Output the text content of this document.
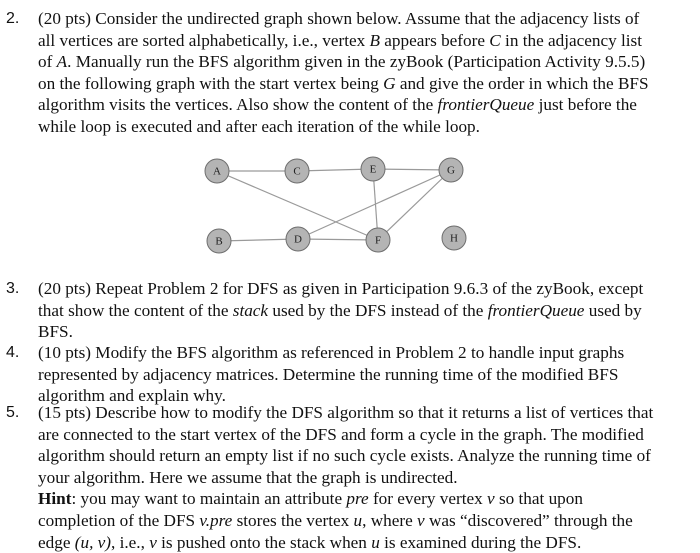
2. (20 pts) Consider the undirected graph shown below. Assume that the adjacency lists of
all vertices are sorted alphabetically, i.e., vertex B appears before C in the adjacency list
of A. Manually run the BFS algorithm given in the zyBook (Participation Activity 9.5.5)
on the following graph with the start vertex being G and give the order in which the BFS
algorithm visits the vertices. Also show the content of the frontierQueue just before the
while loop is executed and after each iteration of the while loop.
A	C	E	G
B	D	F	H
3. (20 pts) Repeat Problem 2 for DFS as given in Participation 9.6.3 of the zyBook, except
that show the content of the stack used by the DFS instead of the frontierQueue used by
BFS.
4. (10 pts) Modify the BFS algorithm as referenced in Problem 2 to handle input graphs
represented by adjacency matrices. Determine the running time of the modified BFS
algorithm and explain why.
5. (15 pts) Describe how to modify the DFS algorithm so that it returns a list of vertices that
are connected to the start vertex of the DFS and form a cycle in the graph. The modified
algorithm should return an empty list if no such cycle exists. Analyze the running time of
your algorithm. Here we assume that the graph is undirected.
Hint: you may want to maintain an attribute pre for every vertex v so that upon
completion of the DFS v.pre stores the vertex u, where v was “discovered” through the
edge (u, v), i.e., v is pushed onto the stack when u is examined during the DFS.
